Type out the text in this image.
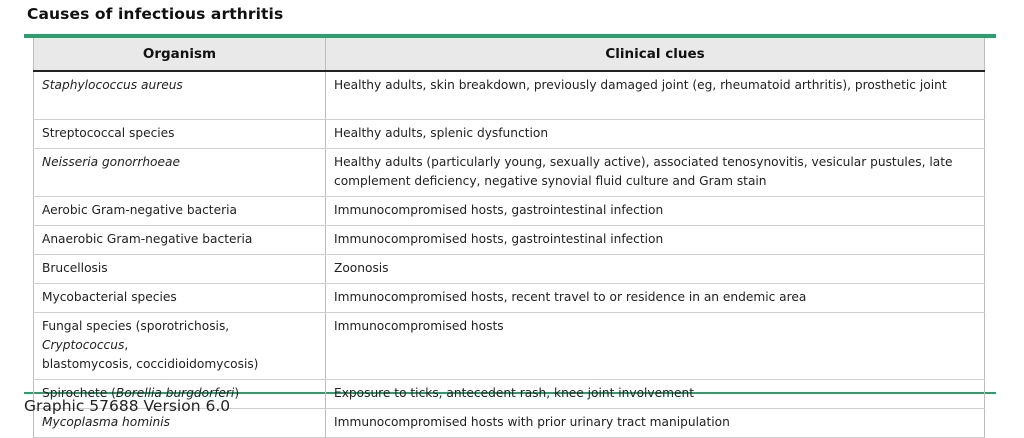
Causes of infectious arthritis
Organism	Clinical clues
Staphylococcus aureus	Healthy adults, skin breakdown, previously damaged joint (eg, rheumatoid arthritis), prosthetic joint
Streptococcal species	Healthy adults, splenic dysfunction
Neisseria gonorrhoeae	Healthy adults (particularly young, sexually active), associated tenosynovitis, vesicular pustules, late complement deficiency, negative synovial fluid culture and Gram stain
Aerobic Gram-negative bacteria	Immunocompromised hosts, gastrointestinal infection
Anaerobic Gram-negative bacteria	Immunocompromised hosts, gastrointestinal infection
Brucellosis	Zoonosis
Mycobacterial species	Immunocompromised hosts, recent travel to or residence in an endemic area
Fungal species (sporotrichosis, Cryptococcus,
blastomycosis, coccidioidomycosis)	Immunocompromised hosts
Spirochete (Borellia burgdorferi)	Exposure to ticks, antecedent rash, knee joint involvement
Mycoplasma hominis	Immunocompromised hosts with prior urinary tract manipulation
Graphic 57688 Version 6.0
